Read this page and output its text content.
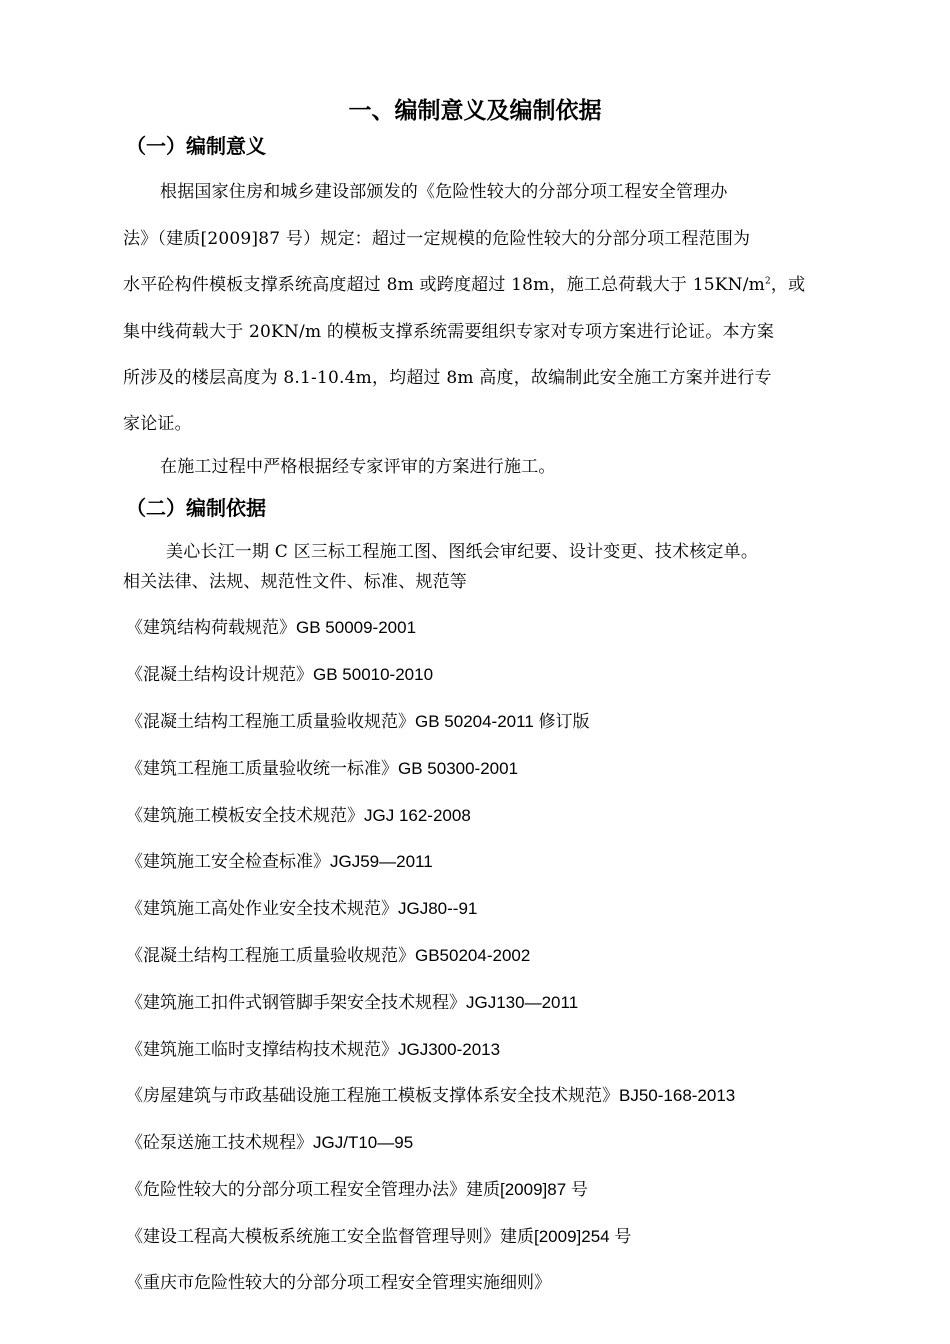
一、编制意义及编制依据
（一）编制意义
根据国家住房和城乡建设部颁发的《危险性较大的分部分项工程安全管理办
法》（建质[2009]87 号）规定：超过一定规模的危险性较大的分部分项工程范围为
水平砼构件模板支撑系统高度超过 8m 或跨度超过 18m，施工总荷载大于 $15KN/m^2$，或
集中线荷载大于 20KN/m 的模板支撑系统需要组织专家对专项方案进行论证。本方案
所涉及的楼层高度为 8.1-10.4m，均超过 8m 高度，故编制此安全施工方案并进行专
家论证。
在施工过程中严格根据经专家评审的方案进行施工。
（二）编制依据
美心长江一期 C 区三标工程施工图、图纸会审纪要、设计变更、技术核定单。
相关法律、法规、规范性文件、标准、规范等
《建筑结构荷载规范》GB 50009-2001
《混凝土结构设计规范》GB 50010-2010
《混凝土结构工程施工质量验收规范》GB 50204-2011 修订版
《建筑工程施工质量验收统一标准》GB 50300-2001
《建筑施工模板安全技术规范》JGJ 162-2008
《建筑施工安全检查标准》JGJ59—2011
《建筑施工高处作业安全技术规范》JGJ80--91
《混凝土结构工程施工质量验收规范》GB50204-2002
《建筑施工扣件式钢管脚手架安全技术规程》JGJ130—2011
《建筑施工临时支撑结构技术规范》JGJ300-2013
《房屋建筑与市政基础设施工程施工模板支撑体系安全技术规范》BJ50-168-2013
《砼泵送施工技术规程》JGJ/T10—95
《危险性较大的分部分项工程安全管理办法》建质[2009]87 号
《建设工程高大模板系统施工安全监督管理导则》建质[2009]254 号
《重庆市危险性较大的分部分项工程安全管理实施细则》
